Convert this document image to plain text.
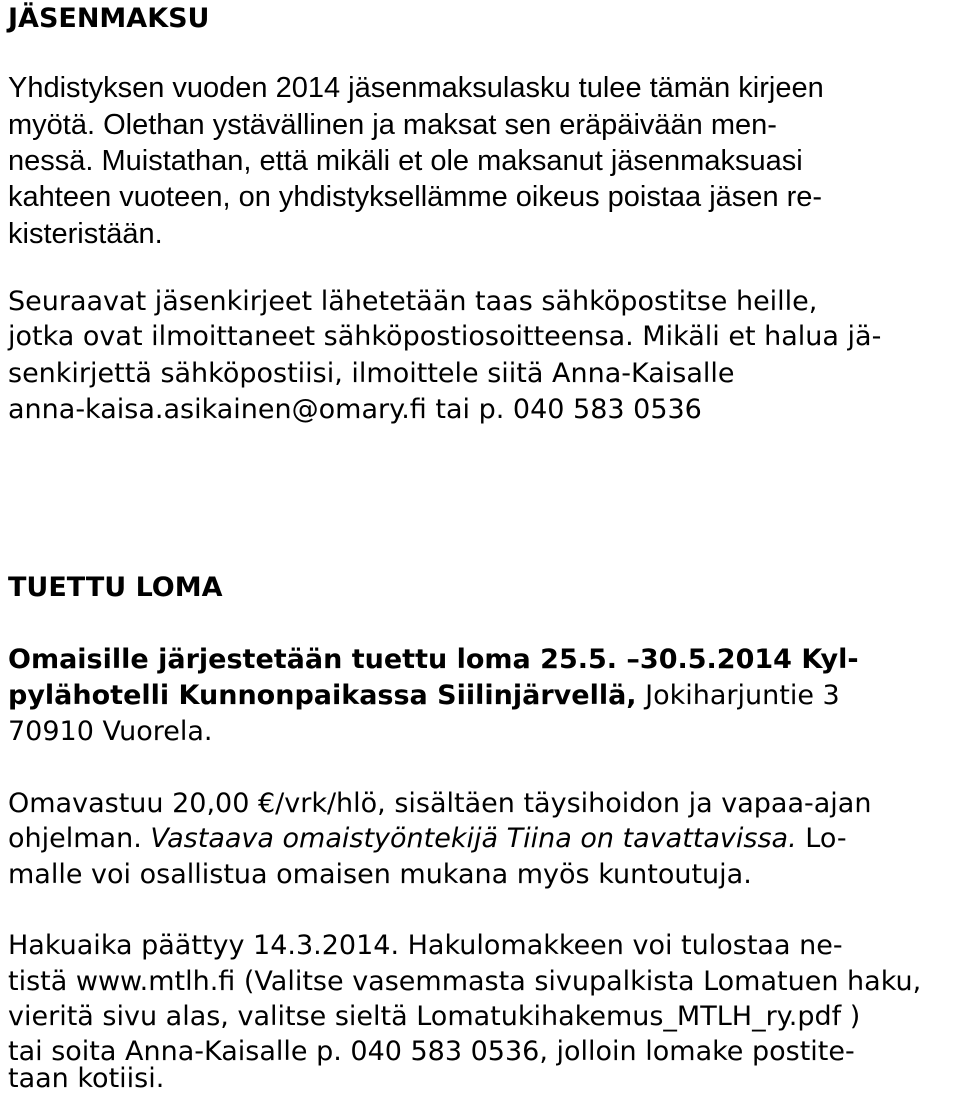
JÄSENMAKSU
Yhdistyksen vuoden 2014 jäsenmaksulasku tulee tämän kirjeen
myötä. Olethan ystävällinen ja maksat sen eräpäivään men-
nessä. Muistathan, että mikäli et ole maksanut jäsenmaksuasi
kahteen vuoteen, on yhdistyksellämme oikeus poistaa jäsen re-
kisteristään.
Seuraavat jäsenkirjeet lähetetään taas sähköpostitse heille,
jotka ovat ilmoittaneet sähköpostiosoitteensa. Mikäli et halua jä-
senkirjettä sähköpostiisi, ilmoittele siitä Anna-Kaisalle
anna-kaisa.asikainen@omary.fi tai p. 040 583 0536
TUETTU LOMA
Omaisille järjestetään tuettu loma 25.5. –30.5.2014 Kyl-
pylähotelli Kunnonpaikassa Siilinjärvellä, Jokiharjuntie 3
70910 Vuorela.
Omavastuu 20,00 €/vrk/hlö, sisältäen täysihoidon ja vapaa-ajan
ohjelman. Vastaava omaistyöntekijä Tiina on tavattavissa. Lo-
malle voi osallistua omaisen mukana myös kuntoutuja.
Hakuaika päättyy 14.3.2014. Hakulomakkeen voi tulostaa ne-
tistä www.mtlh.fi (Valitse vasemmasta sivupalkista Lomatuen haku,
vieritä sivu alas, valitse sieltä Lomatukihakemus_MTLH_ry.pdf )
tai soita Anna-Kaisalle p. 040 583 0536, jolloin lomake postite-
taan kotiisi.
